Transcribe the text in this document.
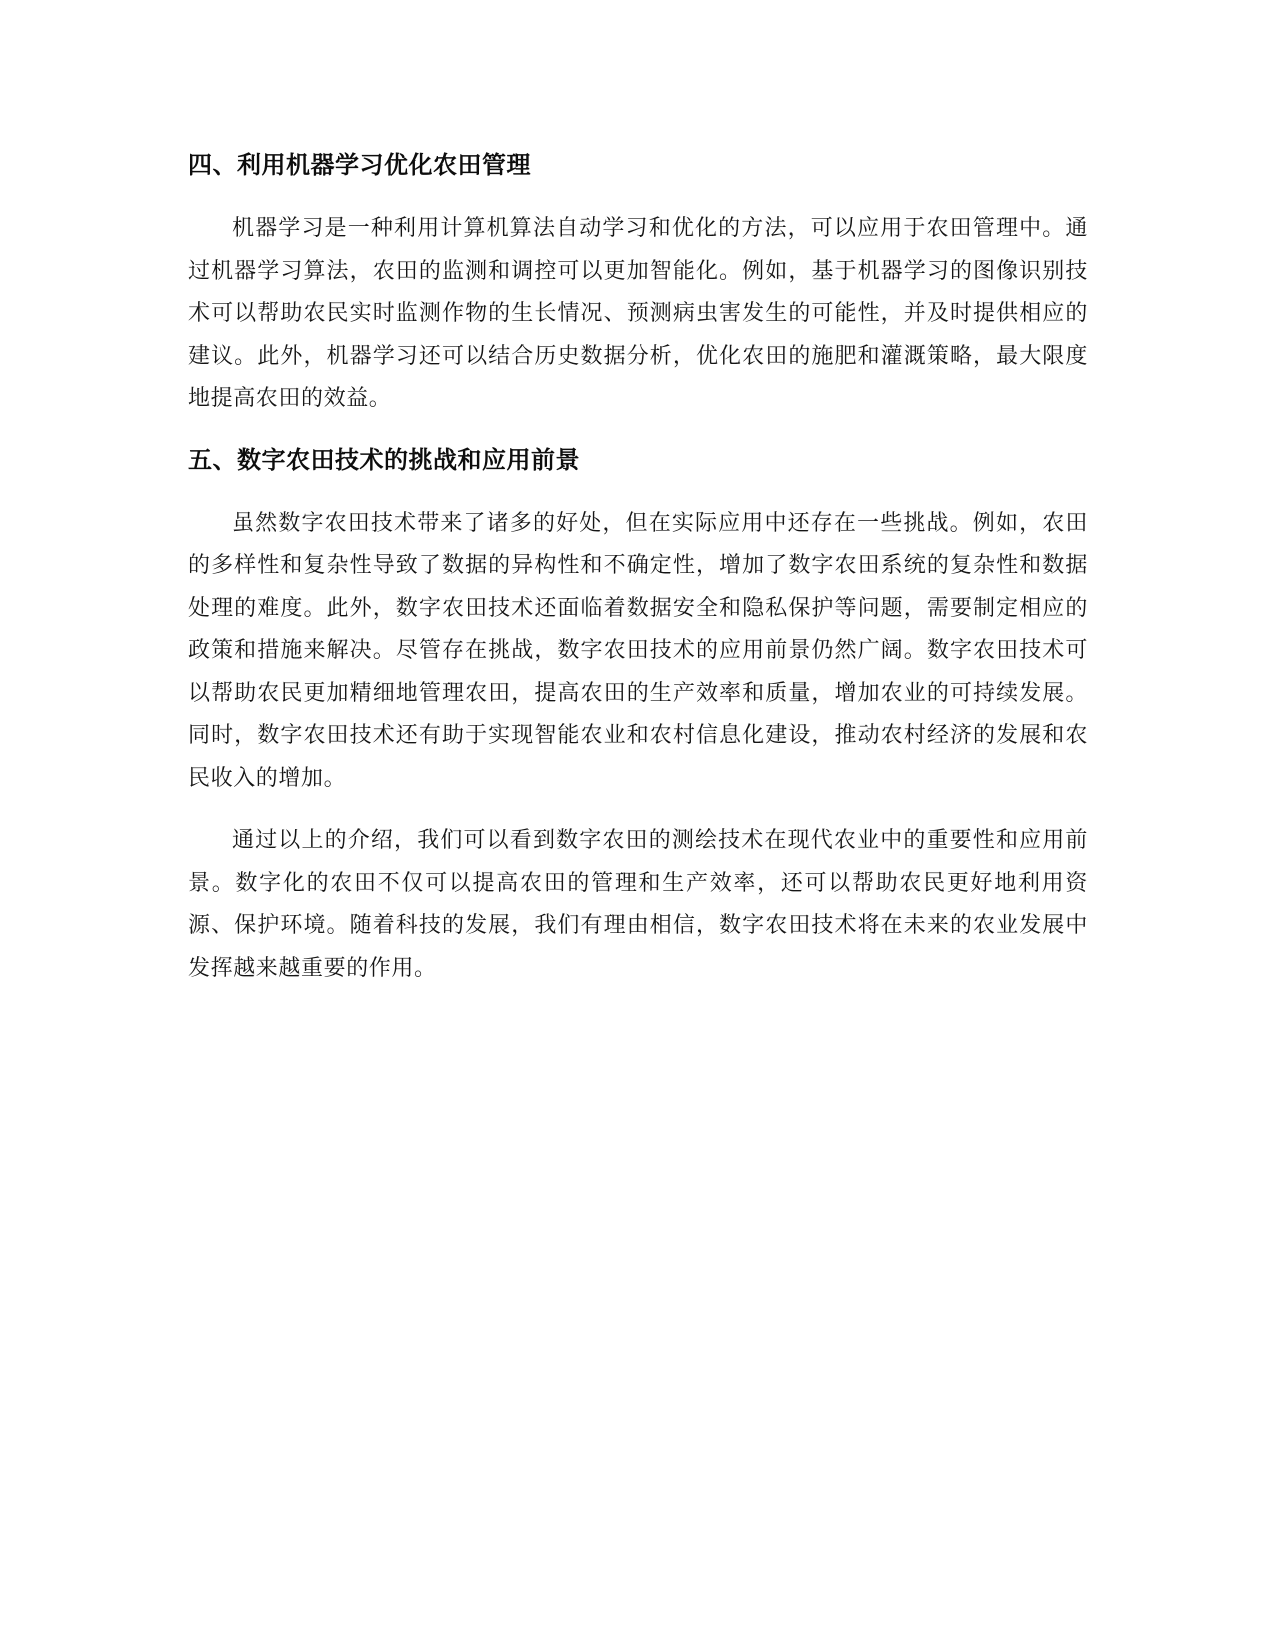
四、利用机器学习优化农田管理

机器学习是一种利用计算机算法自动学习和优化的方法，可以应用于农田管理中。通过机器学习算法，农田的监测和调控可以更加智能化。例如，基于机器学习的图像识别技术可以帮助农民实时监测作物的生长情况、预测病虫害发生的可能性，并及时提供相应的建议。此外，机器学习还可以结合历史数据分析，优化农田的施肥和灌溉策略，最大限度地提高农田的效益。

五、数字农田技术的挑战和应用前景

虽然数字农田技术带来了诸多的好处，但在实际应用中还存在一些挑战。例如，农田的多样性和复杂性导致了数据的异构性和不确定性，增加了数字农田系统的复杂性和数据处理的难度。此外，数字农田技术还面临着数据安全和隐私保护等问题，需要制定相应的政策和措施来解决。尽管存在挑战，数字农田技术的应用前景仍然广阔。数字农田技术可以帮助农民更加精细地管理农田，提高农田的生产效率和质量，增加农业的可持续发展。同时，数字农田技术还有助于实现智能农业和农村信息化建设，推动农村经济的发展和农民收入的增加。

通过以上的介绍，我们可以看到数字农田的测绘技术在现代农业中的重要性和应用前景。数字化的农田不仅可以提高农田的管理和生产效率，还可以帮助农民更好地利用资源、保护环境。随着科技的发展，我们有理由相信，数字农田技术将在未来的农业发展中发挥越来越重要的作用。
